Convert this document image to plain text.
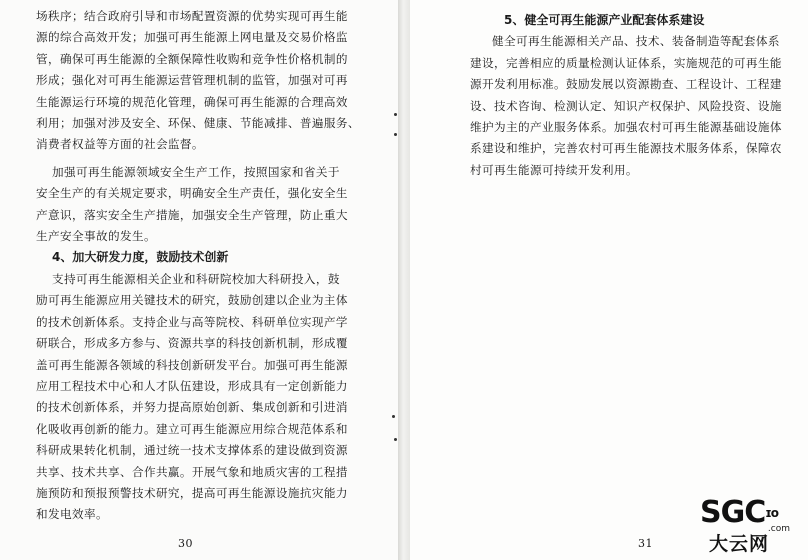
场秩序；结合政府引导和市场配置资源的优势实现可再生能

源的综合高效开发；加强可再生能源上网电量及交易价格监

管，确保可再生能源的全额保障性收购和竞争性价格机制的

形成；强化对可再生能源运营管理机制的监管，加强对可再

生能源运行环境的规范化管理，确保可再生能源的合理高效

利用；加强对涉及安全、环保、健康、节能减排、普遍服务、

消费者权益等方面的社会监督。

加强可再生能源领域安全生产工作，按照国家和省关于

安全生产的有关规定要求，明确安全生产责任，强化安全生

产意识，落实安全生产措施，加强安全生产管理，防止重大

生产安全事故的发生。

4、加大研发力度，鼓励技术创新

支持可再生能源相关企业和科研院校加大科研投入，鼓

励可再生能源应用关键技术的研究，鼓励创建以企业为主体

的技术创新体系。支持企业与高等院校、科研单位实现产学

研联合，形成多方参与、资源共享的科技创新机制，形成覆

盖可再生能源各领域的科技创新研发平台。加强可再生能源

应用工程技术中心和人才队伍建设，形成具有一定创新能力

的技术创新体系，并努力提高原始创新、集成创新和引进消

化吸收再创新的能力。建立可再生能源应用综合规范体系和

科研成果转化机制，通过统一技术支撑体系的建设做到资源

共享、技术共享、合作共赢。开展气象和地质灾害的工程措

施预防和预报预警技术研究，提高可再生能源设施抗灾能力

和发电效率。

30
5、健全可再生能源产业配套体系建设

健全可再生能源相关产品、技术、装备制造等配套体系

建设，完善相应的质量检测认证体系，实施规范的可再生能

源开发利用标准。鼓励发展以资源勘查、工程设计、工程建

设、技术咨询、检测认定、知识产权保护、风险投资、设施

维护为主的产业服务体系。加强农村可再生能源基础设施体

系建设和维护，完善农村可再生能源技术服务体系，保障农

村可再生能源可持续开发利用。

31
$SGC^{ɪo}$
.com
大云网
